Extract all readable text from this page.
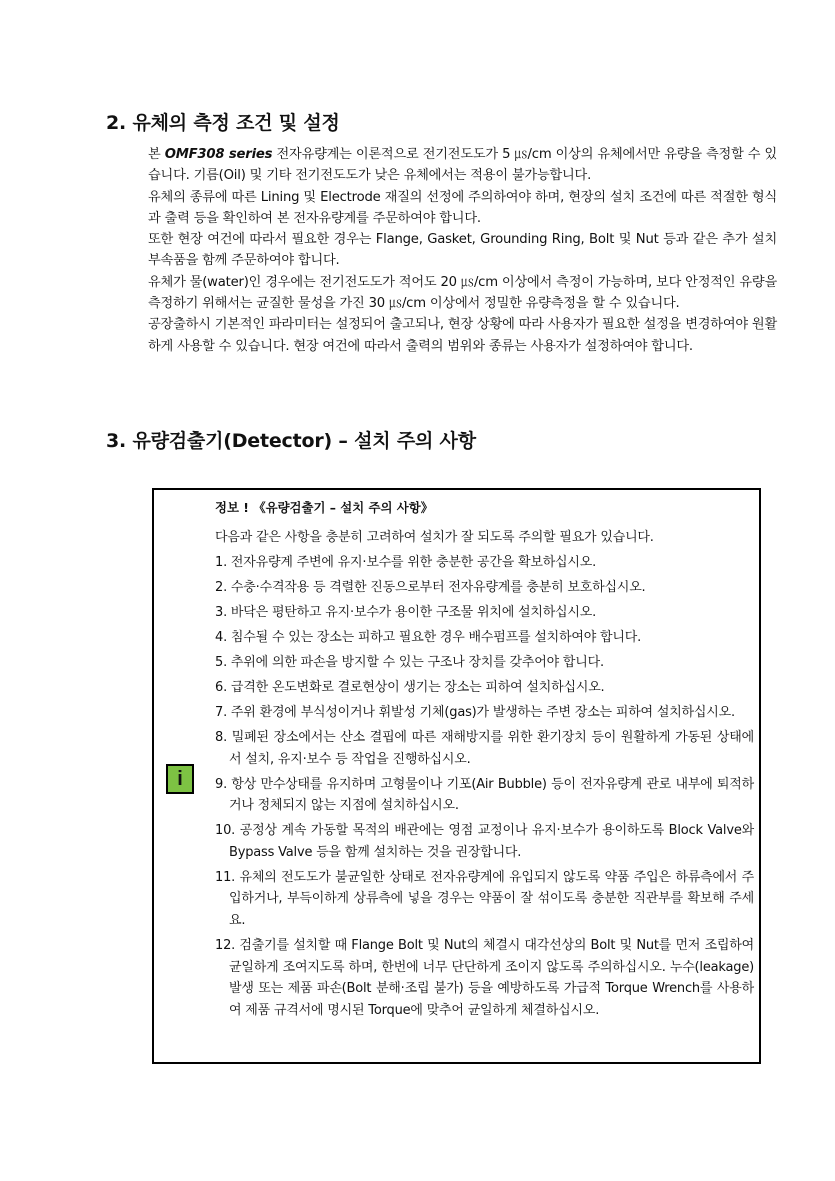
2. 유체의 측정 조건 및 설정

본 OMF308 series 전자유량계는 이론적으로 전기전도도가 5 ㎲/cm 이상의 유체에서만 유량을 측정할 수 있습니다. 기름(Oil) 및 기타 전기전도도가 낮은 유체에서는 적용이 불가능합니다.

유체의 종류에 따른 Lining 및 Electrode 재질의 선정에 주의하여야 하며, 현장의 설치 조건에 따른 적절한 형식과 출력 등을 확인하여 본 전자유량계를 주문하여야 합니다.

또한 현장 여건에 따라서 필요한 경우는 Flange, Gasket, Grounding Ring, Bolt 및 Nut 등과 같은 추가 설치 부속품을 함께 주문하여야 합니다.

유체가 물(water)인 경우에는 전기전도도가 적어도 20 ㎲/cm 이상에서 측정이 가능하며, 보다 안정적인 유량을 측정하기 위해서는 균질한 물성을 가진 30 ㎲/cm 이상에서 정밀한 유량측정을 할 수 있습니다.

공장출하시 기본적인 파라미터는 설정되어 출고되나, 현장 상황에 따라 사용자가 필요한 설정을 변경하여야 원활하게 사용할 수 있습니다. 현장 여건에 따라서 출력의 범위와 종류는 사용자가 설정하여야 합니다.

3. 유량검출기(Detector) – 설치 주의 사항
정보 ! 《유량검출기 – 설치 주의 사항》
i

다음과 같은 사항을 충분히 고려하여 설치가 잘 되도록 주의할 필요가 있습니다.

1. 전자유량계 주변에 유지·보수를 위한 충분한 공간을 확보하십시오.
2. 수충·수격작용 등 격렬한 진동으로부터 전자유량계를 충분히 보호하십시오.
3. 바닥은 평탄하고 유지·보수가 용이한 구조물 위치에 설치하십시오.
4. 침수될 수 있는 장소는 피하고 필요한 경우 배수펌프를 설치하여야 합니다.
5. 추위에 의한 파손을 방지할 수 있는 구조나 장치를 갖추어야 합니다.
6. 급격한 온도변화로 결로현상이 생기는 장소는 피하여 설치하십시오.
7. 주위 환경에 부식성이거나 휘발성 기체(gas)가 발생하는 주변 장소는 피하여 설치하십시오.
8. 밀폐된 장소에서는 산소 결핍에 따른 재해방지를 위한 환기장치 등이 원활하게 가동된 상태에서 설치, 유지·보수 등 작업을 진행하십시오.
9. 항상 만수상태를 유지하며 고형물이나 기포(Air Bubble) 등이 전자유량계 관로 내부에 퇴적하거나 정체되지 않는 지점에 설치하십시오.
10. 공정상 계속 가동할 목적의 배관에는 영점 교정이나 유지·보수가 용이하도록 Block Valve와 Bypass Valve 등을 함께 설치하는 것을 권장합니다.
11. 유체의 전도도가 불균일한 상태로 전자유량계에 유입되지 않도록 약품 주입은 하류측에서 주입하거나, 부득이하게 상류측에 넣을 경우는 약품이 잘 섞이도록 충분한 직관부를 확보해 주세요.
12. 검출기를 설치할 때 Flange Bolt 및 Nut의 체결시 대각선상의 Bolt 및 Nut를 먼저 조립하여 균일하게 조여지도록 하며, 한번에 너무 단단하게 조이지 않도록 주의하십시오. 누수(leakage) 발생 또는 제품 파손(Bolt 분해·조립 불가) 등을 예방하도록 가급적 Torque Wrench를 사용하여 제품 규격서에 명시된 Torque에 맞추어 균일하게 체결하십시오.
